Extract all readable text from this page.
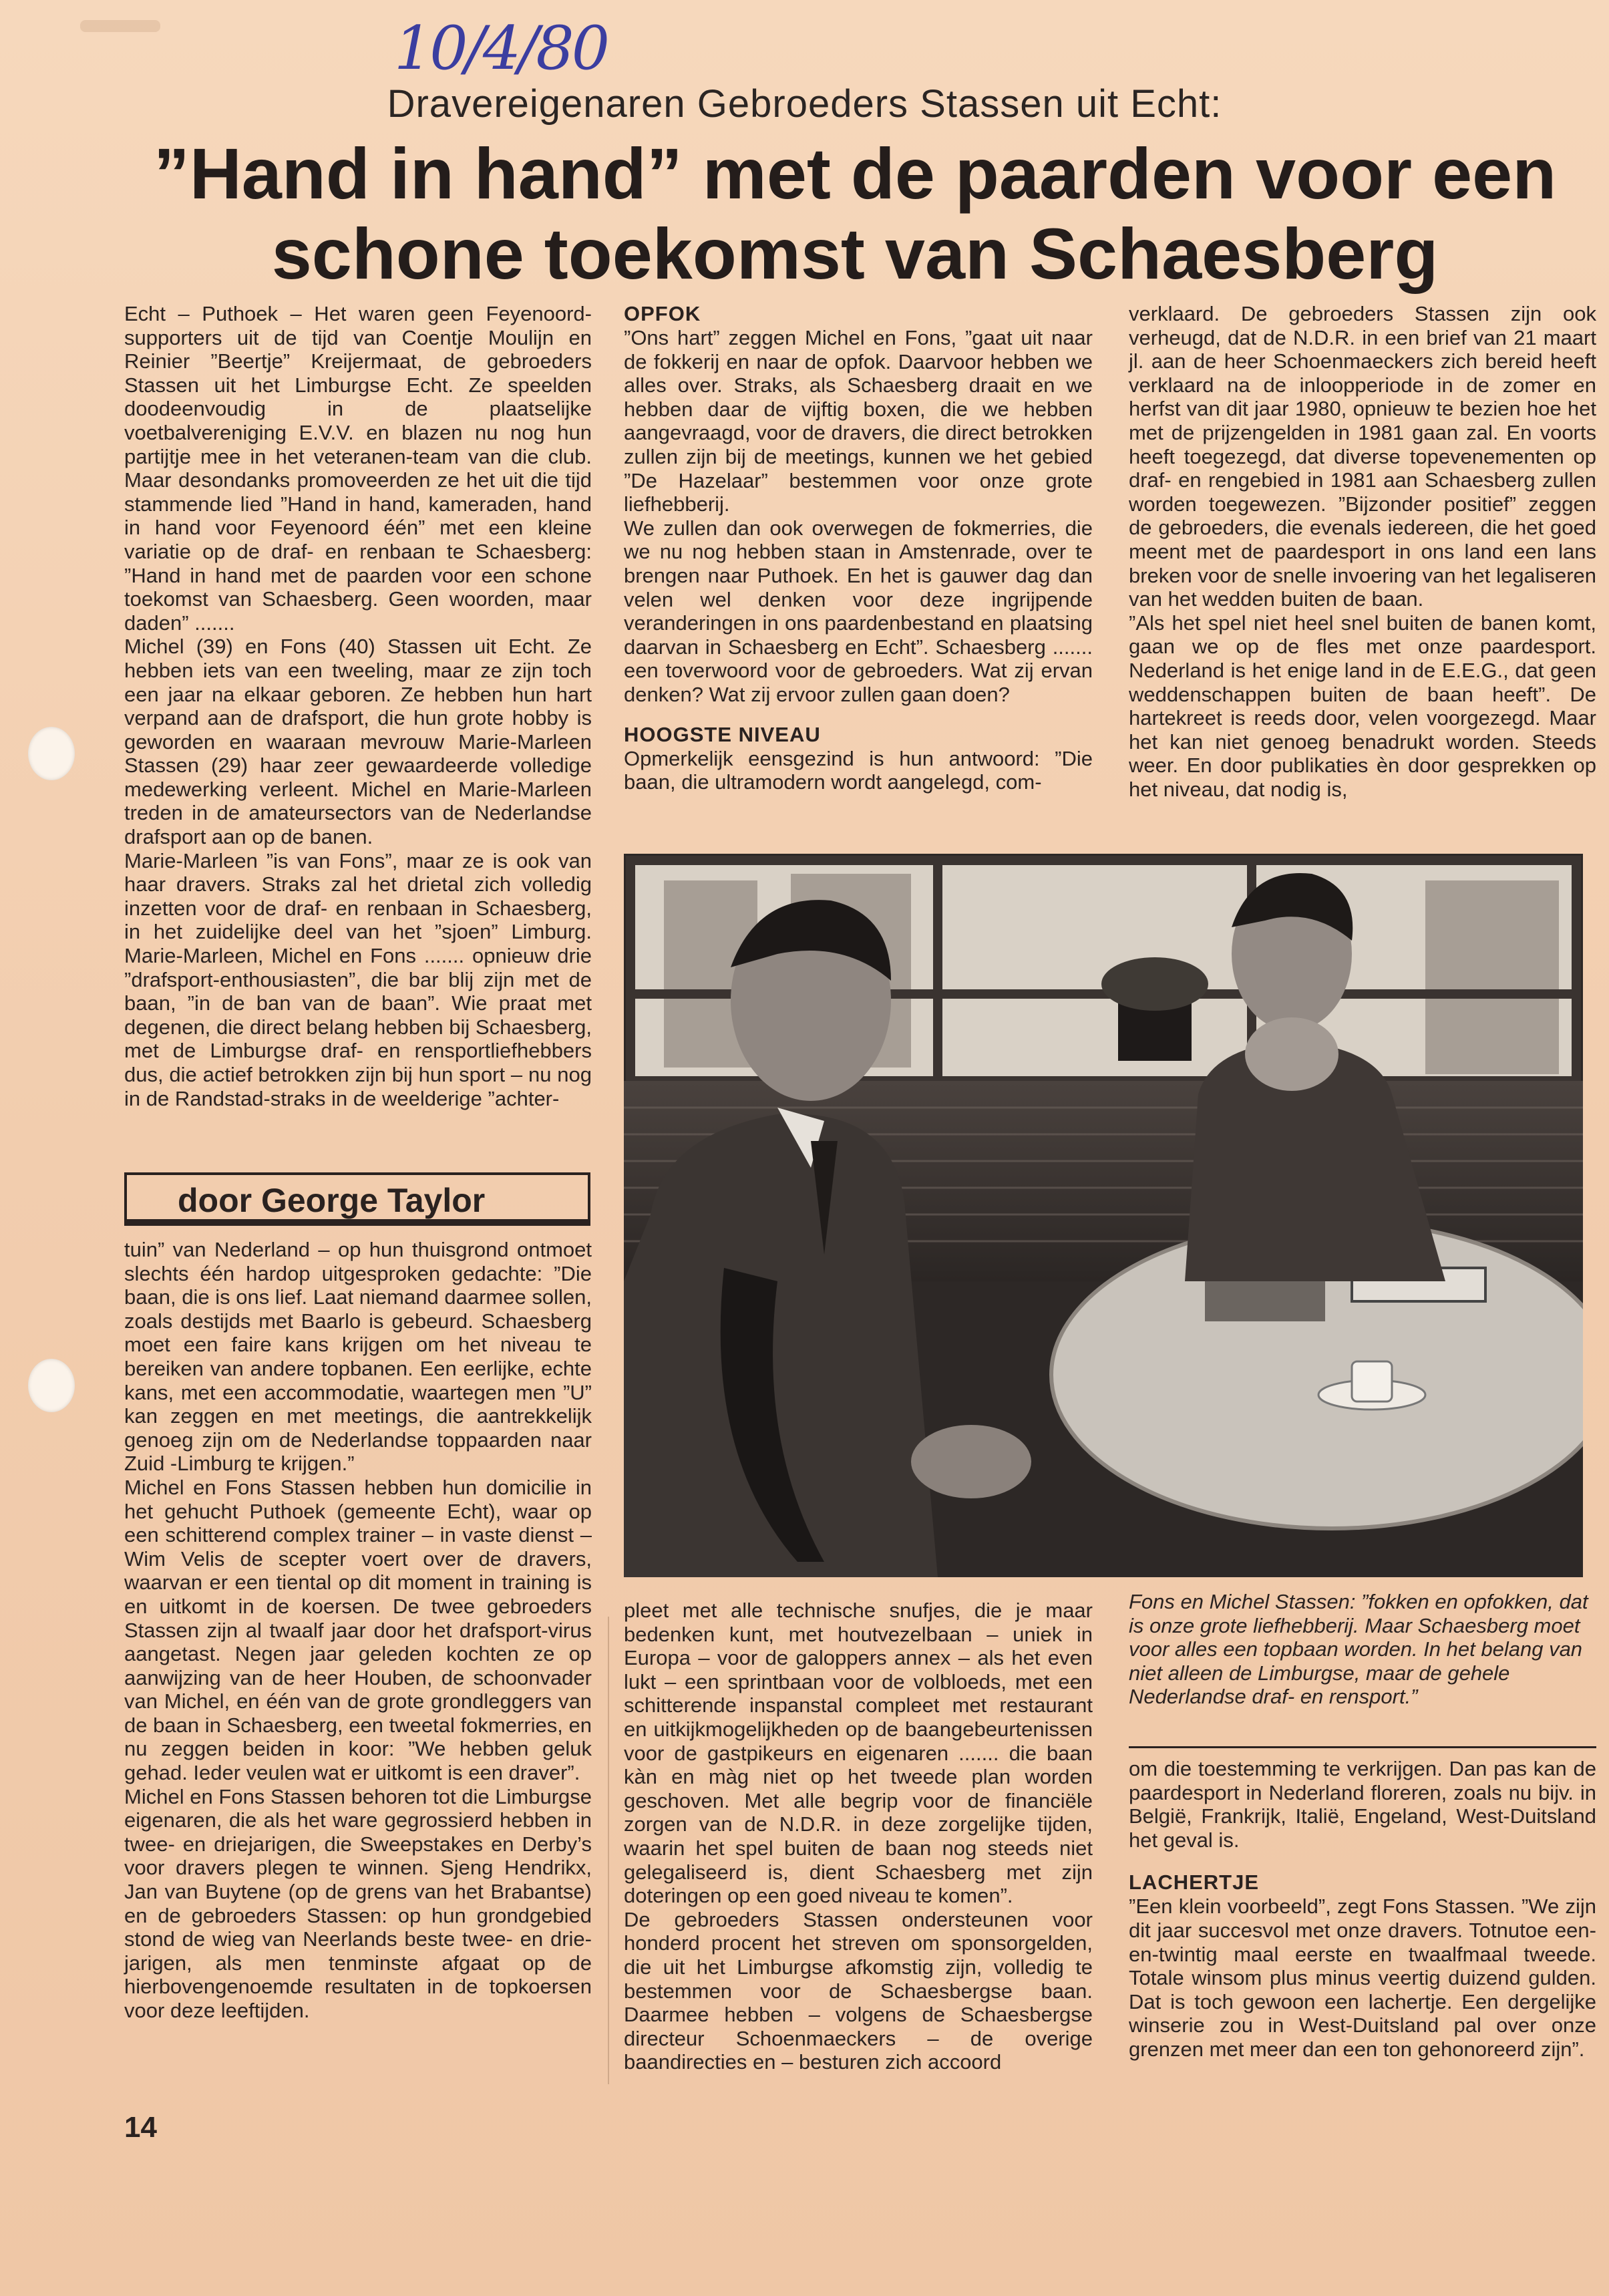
10/4/80
Dravereigenaren Gebroeders Stassen uit Echt:
”Hand in hand” met de paarden voor een schone toekomst van Schaesberg

Echt – Puthoek – Het waren geen Feyenoord-supporters uit de tijd van Coentje Moulijn en Reinier ”Beertje” Kreijermaat, de gebroeders Stassen uit het Limburgse Echt. Ze speelden doodeenvoudig in de plaatselijke voetbalvereniging E.V.V. en blazen nu nog hun partijtje mee in het veteranen-team van die club. Maar desondanks promoveerden ze het uit die tijd stammende lied ”Hand in hand, kameraden, hand in hand voor Feyenoord één” met een kleine variatie op de draf- en renbaan te Schaesberg: ”Hand in hand met de paarden voor een schone toekomst van Schaesberg. Geen woorden, maar daden” .......

Michel (39) en Fons (40) Stassen uit Echt. Ze hebben iets van een tweeling, maar ze zijn toch een jaar na elkaar geboren. Ze hebben hun hart verpand aan de drafsport, die hun grote hobby is geworden en waaraan mevrouw Marie-Marleen Stassen (29) haar zeer gewaardeerde volledige medewerking verleent. Michel en Marie-Marleen treden in de amateursectors van de Nederlandse drafsport aan op de banen.

Marie-Marleen ”is van Fons”, maar ze is ook van haar dravers. Straks zal het drietal zich volledig inzetten voor de draf- en renbaan in Schaesberg, in het zuidelijke deel van het ”sjoen” Limburg. Marie-Marleen, Michel en Fons ....... opnieuw drie ”drafsport-enthousiasten”, die bar blij zijn met de baan, ”in de ban van de baan”. Wie praat met degenen, die direct belang hebben bij Schaesberg, met de Limburgse draf- en rensportliefhebbers dus, die actief betrokken zijn bij hun sport – nu nog in de Randstad-straks in de weelderige ”achter-

door George Taylor

tuin” van Nederland – op hun thuisgrond ontmoet slechts één hardop uitgesproken gedachte: ”Die baan, die is ons lief. Laat niemand daarmee sollen, zoals destijds met Baarlo is gebeurd. Schaesberg moet een faire kans krijgen om het niveau te bereiken van andere topbanen. Een eerlijke, echte kans, met een accommodatie, waartegen men ”U” kan zeggen en met meetings, die aantrekkelijk genoeg zijn om de Nederlandse toppaarden naar Zuid -Limburg te krijgen.”

Michel en Fons Stassen hebben hun domicilie in het gehucht Puthoek (gemeente Echt), waar op een schitterend complex trainer – in vaste dienst – Wim Velis de scepter voert over de dravers, waarvan er een tiental op dit moment in training is en uitkomt in de koersen. De twee gebroeders Stassen zijn al twaalf jaar door het drafsport-virus aangetast. Negen jaar geleden kochten ze op aanwijzing van de heer Houben, de schoonvader van Michel, en één van de grote grondleggers van de baan in Schaesberg, een tweetal fokmerries, en nu zeggen beiden in koor: ”We hebben geluk gehad. Ieder veulen wat er uitkomt is een draver”.

Michel en Fons Stassen behoren tot die Limburgse eigenaren, die als het ware gegrossierd hebben in twee- en driejarigen, die Sweepstakes en Derby’s voor dravers plegen te winnen. Sjeng Hendrikx, Jan van Buytene (op de grens van het Brabantse) en de gebroeders Stassen: op hun grondgebied stond de wieg van Neerlands beste twee- en drie-jarigen, als men tenminste afgaat op de hierbovengenoemde resultaten in de topkoersen voor deze leeftijden.

OPFOK

”Ons hart” zeggen Michel en Fons, ”gaat uit naar de fokkerij en naar de opfok. Daarvoor hebben we alles over. Straks, als Schaesberg draait en we hebben daar de vijftig boxen, die we hebben aangevraagd, voor de dravers, die direct betrokken zullen zijn bij de meetings, kunnen we het gebied ”De Hazelaar” bestemmen voor onze grote liefhebberij.

We zullen dan ook overwegen de fokmerries, die we nu nog hebben staan in Amstenrade, over te brengen naar Puthoek. En het is gauwer dag dan velen wel denken voor deze ingrijpende veranderingen in ons paardenbestand en plaatsing daarvan in Schaesberg en Echt”. Schaesberg ....... een toverwoord voor de gebroeders. Wat zij ervan denken? Wat zij ervoor zullen gaan doen?

HOOGSTE NIVEAU

Opmerkelijk eensgezind is hun antwoord: ”Die baan, die ultramodern wordt aangelegd, com-

verklaard. De gebroeders Stassen zijn ook verheugd, dat de N.D.R. in een brief van 21 maart jl. aan de heer Schoenmaeckers zich bereid heeft verklaard na de inloopperiode in de zomer en herfst van dit jaar 1980, opnieuw te bezien hoe het met de prijzengelden in 1981 gaan zal. En voorts heeft toegezegd, dat diverse topevenementen op draf- en rengebied in 1981 aan Schaesberg zullen worden toegewezen. ”Bijzonder positief” zeggen de gebroeders, die evenals iedereen, die het goed meent met de paardesport in ons land een lans breken voor de snelle invoering van het legaliseren van het wedden buiten de baan.

”Als het spel niet heel snel buiten de banen komt, gaan we op de fles met onze paardesport. Nederland is het enige land in de E.E.G., dat geen weddenschappen buiten de baan heeft”. De hartekreet is reeds door, velen voorgezegd. Maar het kan niet genoeg benadrukt worden. Steeds weer. En door publikaties èn door gesprekken op het niveau, dat nodig is,

Fons en Michel Stassen: ”fokken en opfokken, dat is onze grote liefhebberij. Maar Schaesberg moet voor alles een topbaan worden. In het belang van niet alleen de Limburgse, maar de gehele Nederlandse draf- en rensport.”

pleet met alle technische snufjes, die je maar bedenken kunt, met houtvezelbaan – uniek in Europa – voor de galoppers annex – als het even lukt – een sprintbaan voor de volbloeds, met een schitterende inspanstal compleet met restaurant en uitkijkmogelijkheden op de baangebeurtenissen voor de gastpikeurs en eigenaren ....... die baan kàn en màg niet op het tweede plan worden geschoven. Met alle begrip voor de financiële zorgen van de N.D.R. in deze zorgelijke tijden, waarin het spel buiten de baan nog steeds niet gelegaliseerd is, dient Schaesberg met zijn doteringen op een goed niveau te komen”.

De gebroeders Stassen ondersteunen voor honderd procent het streven om sponsorgelden, die uit het Limburgse afkomstig zijn, volledig te bestemmen voor de Schaesbergse baan. Daarmee hebben – volgens de Schaesbergse directeur Schoenmaeckers – de overige baandirecties en – besturen zich accoord

om die toestemming te verkrijgen. Dan pas kan de paardesport in Nederland floreren, zoals nu bijv. in België, Frankrijk, Italië, Engeland, West-Duitsland het geval is.

LACHERTJE

”Een klein voorbeeld”, zegt Fons Stassen. ”We zijn dit jaar succesvol met onze dravers. Totnutoe een-en-twintig maal eerste en twaalfmaal tweede. Totale winsom plus minus veertig duizend gulden. Dat is toch gewoon een lachertje. Een dergelijke winserie zou in West-Duitsland pal over onze grenzen met meer dan een ton gehonoreerd zijn”.

14
